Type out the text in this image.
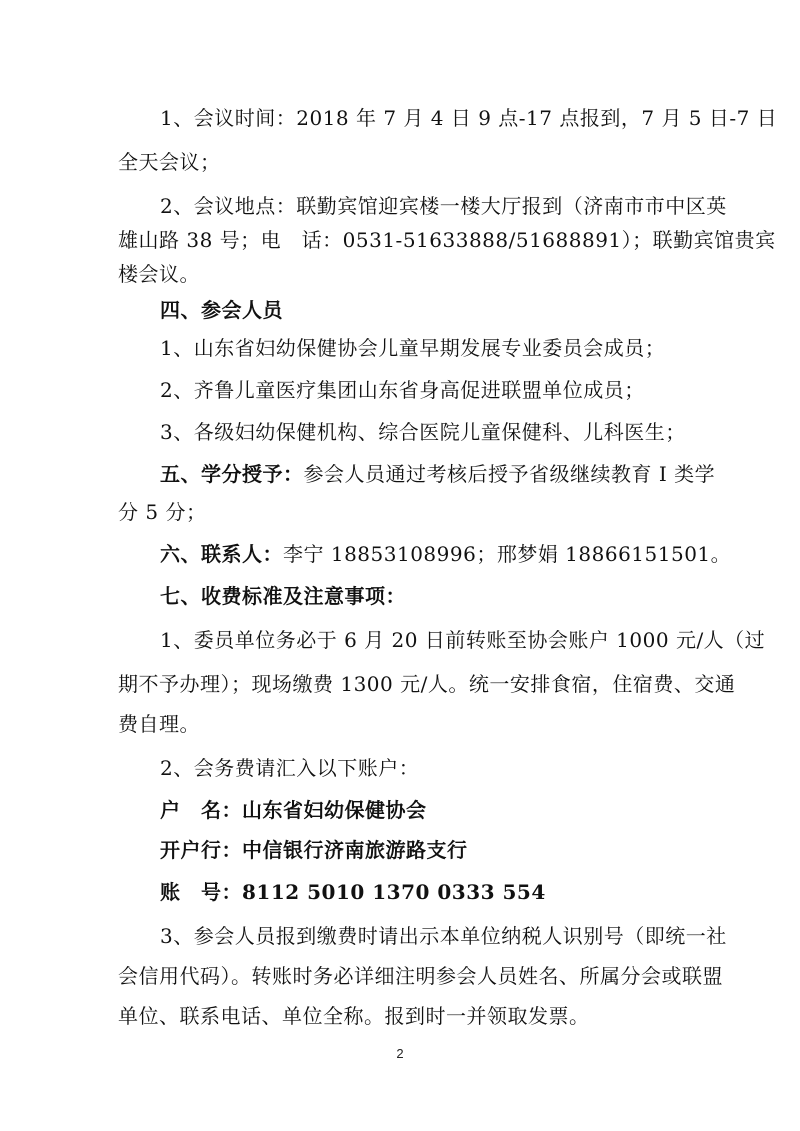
1、会议时间：2018 年 7 月 4 日 9 点-17 点报到，7 月 5 日-7 日
全天会议；
2、会议地点：联勤宾馆迎宾楼一楼大厅报到（济南市市中区英
雄山路 38 号；电　话：0531-51633888/51688891）；联勤宾馆贵宾
楼会议。
四、参会人员
1、山东省妇幼保健协会儿童早期发展专业委员会成员；
2、齐鲁儿童医疗集团山东省身高促进联盟单位成员；
3、各级妇幼保健机构、综合医院儿童保健科、儿科医生；
五、学分授予：参会人员通过考核后授予省级继续教育 I 类学
分 5 分；
六、联系人：李宁 18853108996；邢梦娟 18866151501。
七、收费标准及注意事项：
1、委员单位务必于 6 月 20 日前转账至协会账户 1000 元/人（过
期不予办理）；现场缴费 1300 元/人。统一安排食宿，住宿费、交通
费自理。
2、会务费请汇入以下账户：
户　名：山东省妇幼保健协会
开户行：中信银行济南旅游路支行
账　号：8112 5010 1370 0333 554
3、参会人员报到缴费时请出示本单位纳税人识别号（即统一社
会信用代码）。转账时务必详细注明参会人员姓名、所属分会或联盟
单位、联系电话、单位全称。报到时一并领取发票。
2
